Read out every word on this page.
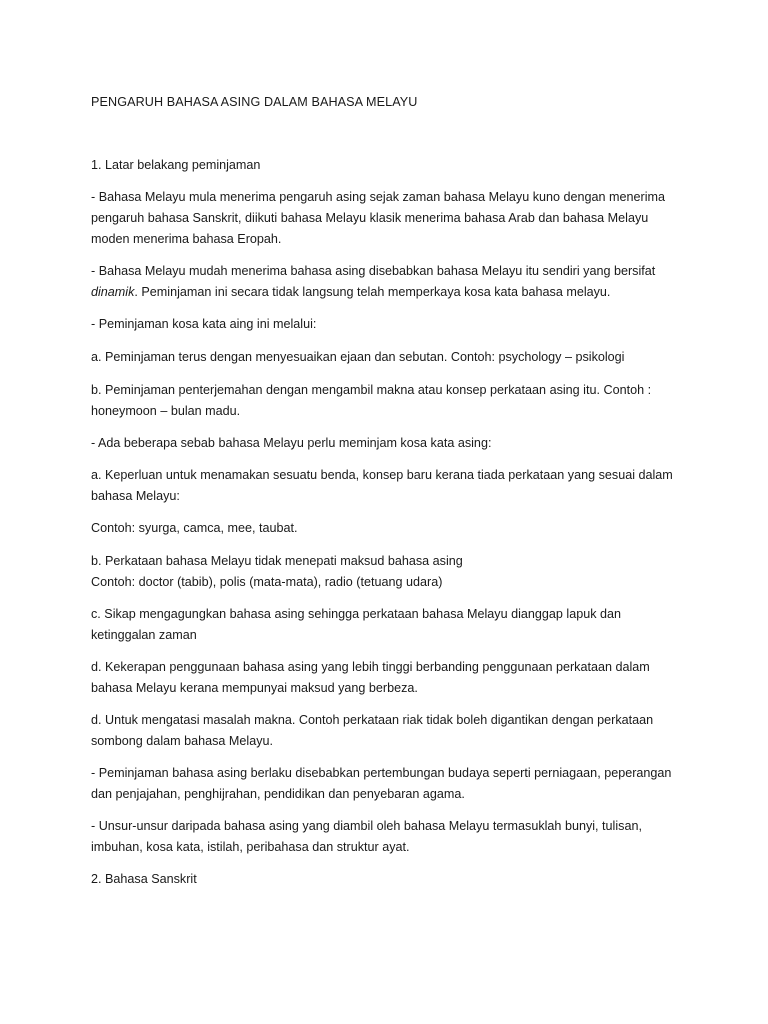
PENGARUH BAHASA ASING DALAM BAHASA MELAYU

1. Latar belakang peminjaman

- Bahasa Melayu mula menerima pengaruh asing sejak zaman bahasa Melayu kuno dengan menerima pengaruh bahasa Sanskrit, diikuti bahasa Melayu klasik menerima bahasa Arab dan bahasa Melayu moden menerima bahasa Eropah.

- Bahasa Melayu mudah menerima bahasa asing disebabkan bahasa Melayu itu sendiri yang bersifat dinamik. Peminjaman ini secara tidak langsung telah memperkaya kosa kata bahasa melayu.

- Peminjaman kosa kata aing ini melalui:

a. Peminjaman terus dengan menyesuaikan ejaan dan sebutan. Contoh: psychology – psikologi

b. Peminjaman penterjemahan dengan mengambil makna atau konsep perkataan asing itu. Contoh : honeymoon – bulan madu.

- Ada beberapa sebab bahasa Melayu perlu meminjam kosa kata asing:

a. Keperluan untuk menamakan sesuatu benda, konsep baru kerana tiada perkataan yang sesuai dalam bahasa Melayu:

Contoh: syurga, camca, mee, taubat.

b. Perkataan bahasa Melayu tidak menepati maksud bahasa asing
Contoh: doctor (tabib), polis (mata-mata), radio (tetuang udara)

c. Sikap mengagungkan bahasa asing sehingga perkataan bahasa Melayu dianggap lapuk dan ketinggalan zaman

d. Kekerapan penggunaan bahasa asing yang lebih tinggi berbanding penggunaan perkataan dalam bahasa Melayu kerana mempunyai maksud yang berbeza.

d. Untuk mengatasi masalah makna. Contoh perkataan riak tidak boleh digantikan dengan perkataan sombong dalam bahasa Melayu.

- Peminjaman bahasa asing berlaku disebabkan pertembungan budaya seperti perniagaan, peperangan dan penjajahan, penghijrahan, pendidikan dan penyebaran agama.

- Unsur-unsur daripada bahasa asing yang diambil oleh bahasa Melayu termasuklah bunyi, tulisan, imbuhan, kosa kata, istilah, peribahasa dan struktur ayat.

2. Bahasa Sanskrit
